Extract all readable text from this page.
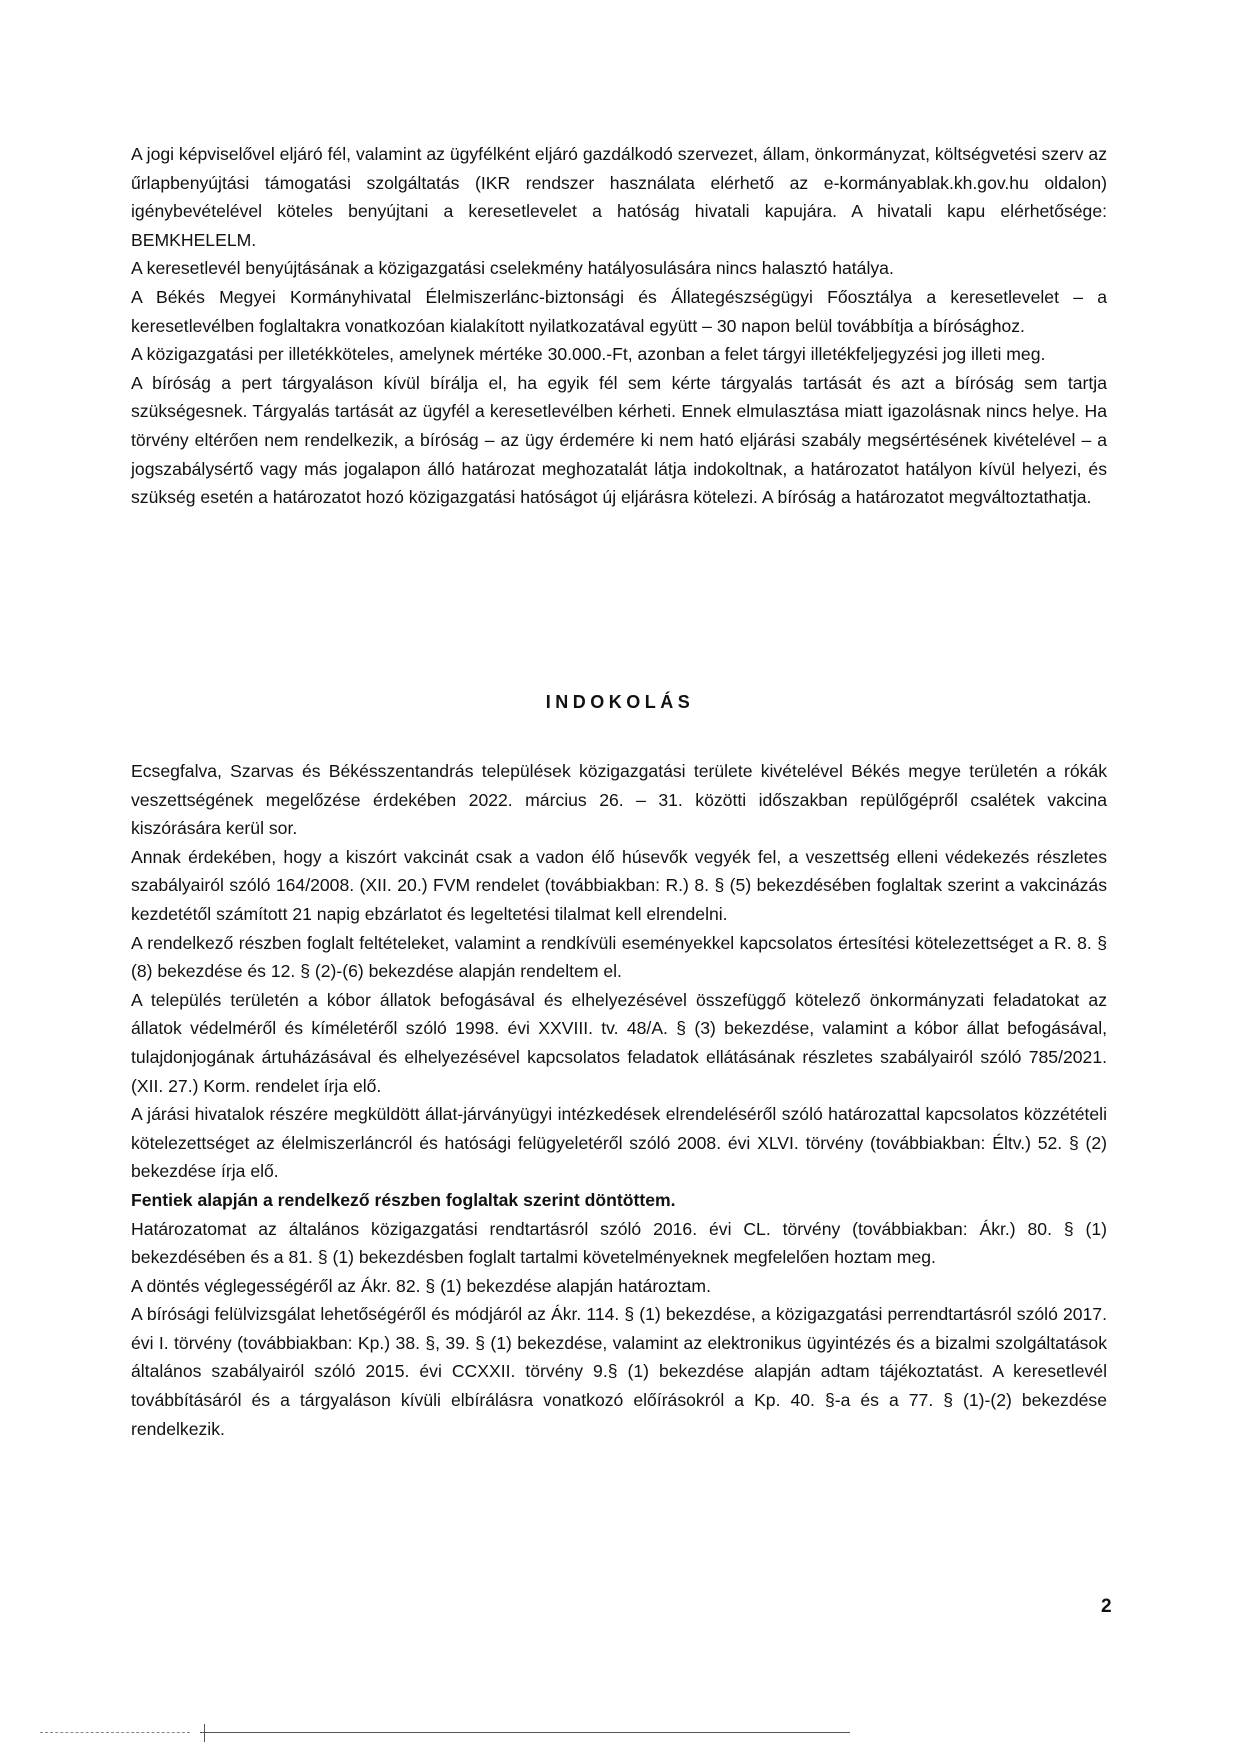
A jogi képviselővel eljáró fél, valamint az ügyfélként eljáró gazdálkodó szervezet, állam, önkormányzat, költségvetési szerv az űrlapbenyújtási támogatási szolgáltatás (IKR rendszer használata elérhető az e-kormányablak.kh.gov.hu oldalon) igénybevételével köteles benyújtani a keresetlevelet a hatóság hivatali kapujára. A hivatali kapu elérhetősége: BEMKHELELM.

A keresetlevél benyújtásának a közigazgatási cselekmény hatályosulására nincs halasztó hatálya.

A Békés Megyei Kormányhivatal Élelmiszerlánc-biztonsági és Állategészségügyi Főosztálya a keresetlevelet – a keresetlevélben foglaltakra vonatkozóan kialakított nyilatkozatával együtt – 30 napon belül továbbítja a bírósághoz.

A közigazgatási per illetékköteles, amelynek mértéke 30.000.-Ft, azonban a felet tárgyi illetékfeljegyzési jog illeti meg.

A bíróság a pert tárgyaláson kívül bírálja el, ha egyik fél sem kérte tárgyalás tartását és azt a bíróság sem tartja szükségesnek. Tárgyalás tartását az ügyfél a keresetlevélben kérheti. Ennek elmulasztása miatt igazolásnak nincs helye. Ha törvény eltérően nem rendelkezik, a bíróság – az ügy érdemére ki nem ható eljárási szabály megsértésének kivételével – a jogszabálysértő vagy más jogalapon álló határozat meghozatalát látja indokoltnak, a határozatot hatályon kívül helyezi, és szükség esetén a határozatot hozó közigazgatási hatóságot új eljárásra kötelezi. A bíróság a határozatot megváltoztathatja.

INDOKOLÁS

Ecsegfalva, Szarvas és Békésszentandrás települések közigazgatási területe kivételével Békés megye területén a rókák veszettségének megelőzése érdekében 2022. március 26. – 31. közötti időszakban repülőgépről csalétek vakcina kiszórására kerül sor.

Annak érdekében, hogy a kiszórt vakcinát csak a vadon élő húsevők vegyék fel, a veszettség elleni védekezés részletes szabályairól szóló 164/2008. (XII. 20.) FVM rendelet (továbbiakban: R.) 8. § (5) bekezdésében foglaltak szerint a vakcinázás kezdetétől számított 21 napig ebzárlatot és legeltetési tilalmat kell elrendelni.

A rendelkező részben foglalt feltételeket, valamint a rendkívüli eseményekkel kapcsolatos értesítési kötelezettséget a R. 8. § (8) bekezdése és 12. § (2)-(6) bekezdése alapján rendeltem el.

A település területén a kóbor állatok befogásával és elhelyezésével összefüggő kötelező önkormányzati feladatokat az állatok védelméről és kíméletéről szóló 1998. évi XXVIII. tv. 48/A. § (3) bekezdése, valamint a kóbor állat befogásával, tulajdonjogának ártuházásával és elhelyezésével kapcsolatos feladatok ellátásának részletes szabályairól szóló 785/2021. (XII. 27.) Korm. rendelet írja elő.

A járási hivatalok részére megküldött állat-járványügyi intézkedések elrendeléséről szóló határozattal kapcsolatos közzétételi kötelezettséget az élelmiszerláncról és hatósági felügyeletéről szóló 2008. évi XLVI. törvény (továbbiakban: Éltv.) 52. § (2) bekezdése írja elő.

Fentiek alapján a rendelkező részben foglaltak szerint döntöttem.

Határozatomat az általános közigazgatási rendtartásról szóló 2016. évi CL. törvény (továbbiakban: Ákr.) 80. § (1) bekezdésében és a 81. § (1) bekezdésben foglalt tartalmi követelményeknek megfelelően hoztam meg.

A döntés véglegességéről az Ákr. 82. § (1) bekezdése alapján határoztam.

A bírósági felülvizsgálat lehetőségéről és módjáról az Ákr. 114. § (1) bekezdése, a közigazgatási perrendtartásról szóló 2017. évi I. törvény (továbbiakban: Kp.) 38. §, 39. § (1) bekezdése, valamint az elektronikus ügyintézés és a bizalmi szolgáltatások általános szabályairól szóló 2015. évi CCXXII. törvény 9.§ (1) bekezdése alapján adtam tájékoztatást. A keresetlevél továbbításáról és a tárgyaláson kívüli elbírálásra vonatkozó előírásokról a Kp. 40. §-a és a 77. § (1)-(2) bekezdése rendelkezik.

2
